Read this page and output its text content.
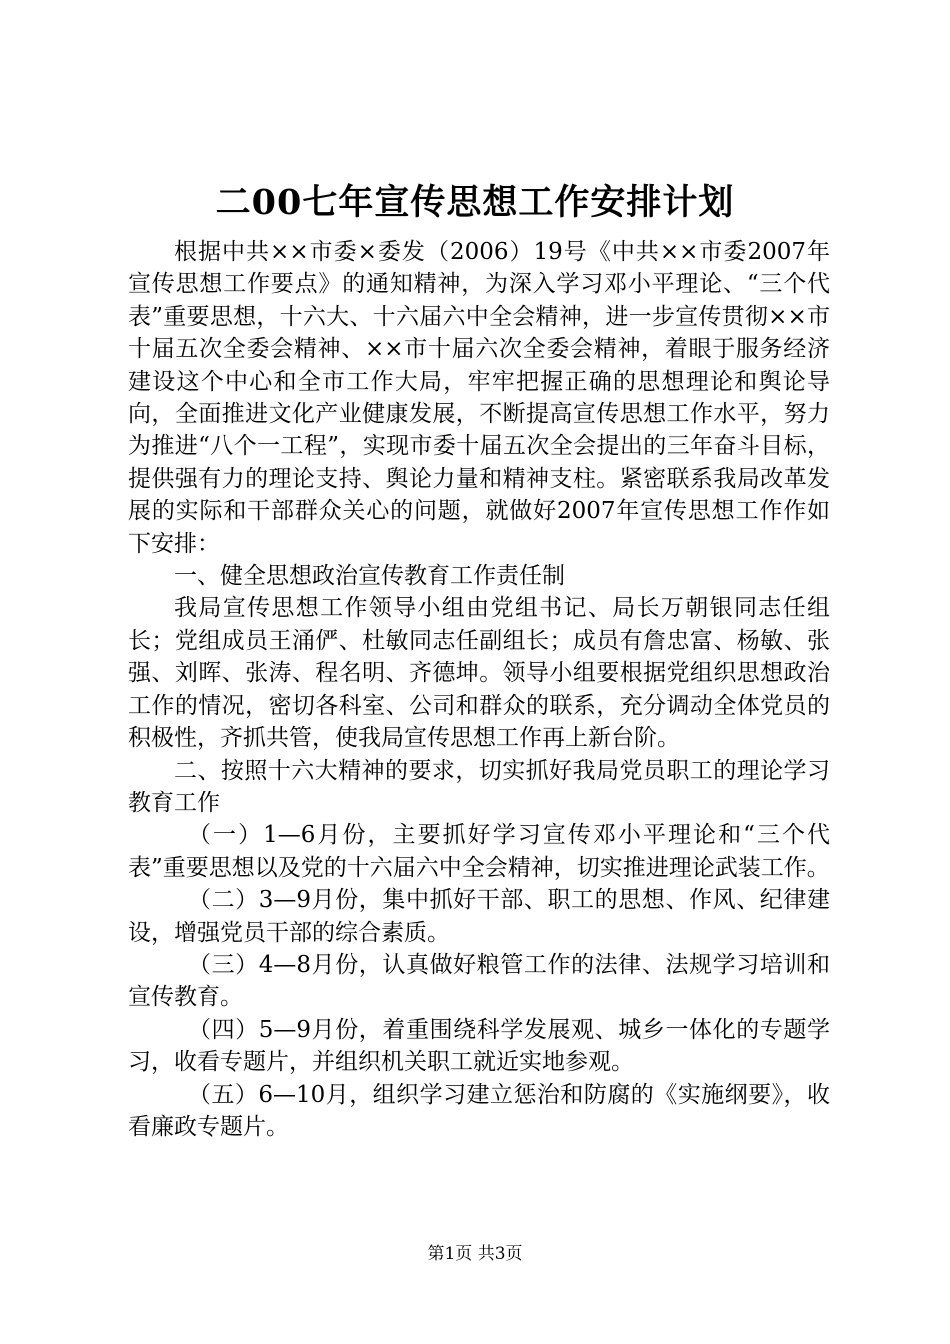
二00七年宣传思想工作安排计划

根据中共××市委×委发（2006）19号《中共××市委2007年宣传思想工作要点》的通知精神，为深入学习邓小平理论、“三个代表”重要思想，十六大、十六届六中全会精神，进一步宣传贯彻××市十届五次全委会精神、××市十届六次全委会精神，着眼于服务经济建设这个中心和全市工作大局，牢牢把握正确的思想理论和舆论导向，全面推进文化产业健康发展，不断提高宣传思想工作水平，努力为推进“八个一工程”，实现市委十届五次全会提出的三年奋斗目标，提供强有力的理论支持、舆论力量和精神支柱。紧密联系我局改革发展的实际和干部群众关心的问题，就做好2007年宣传思想工作作如下安排：

一、健全思想政治宣传教育工作责任制

我局宣传思想工作领导小组由党组书记、局长万朝银同志任组长；党组成员王涌俨、杜敏同志任副组长；成员有詹忠富、杨敏、张强、刘晖、张涛、程名明、齐德坤。领导小组要根据党组织思想政治工作的情况，密切各科室、公司和群众的联系，充分调动全体党员的积极性，齐抓共管，使我局宣传思想工作再上新台阶。

二、按照十六大精神的要求，切实抓好我局党员职工的理论学习教育工作

（一）1—6月份，主要抓好学习宣传邓小平理论和“三个代表”重要思想以及党的十六届六中全会精神，切实推进理论武装工作。

（二）3—9月份，集中抓好干部、职工的思想、作风、纪律建设，增强党员干部的综合素质。

（三）4—8月份，认真做好粮管工作的法律、法规学习培训和宣传教育。

（四）5—9月份，着重围绕科学发展观、城乡一体化的专题学习，收看专题片，并组织机关职工就近实地参观。

（五）6—10月，组织学习建立惩治和防腐的《实施纲要》，收看廉政专题片。

第1页 共3页
